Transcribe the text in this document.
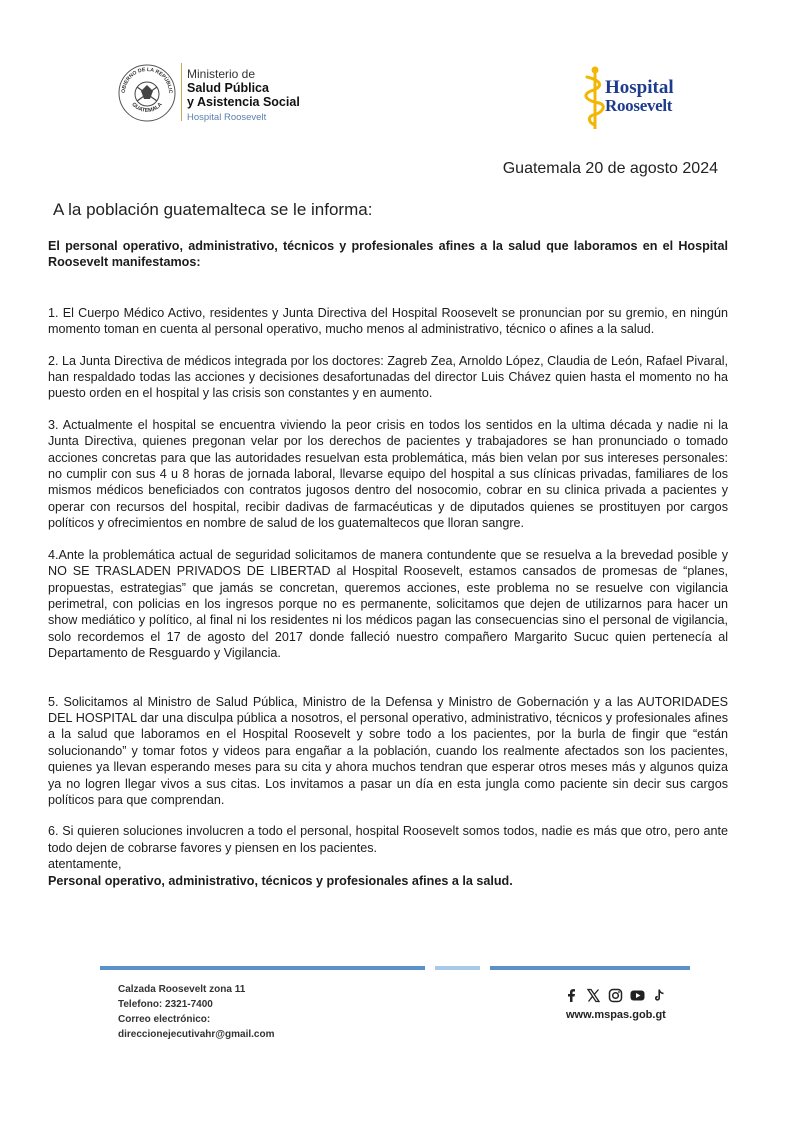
OBIERNO DE LA REPÚBLIC
GUATEMALA
Ministerio de
Salud Pública
y Asistencia Social
Hospital Roosevelt
Hospital
Roosevelt
Guatemala 20 de agosto 2024
A la población guatemalteca se le informa:

El personal operativo, administrativo, técnicos y profesionales afines a la salud que laboramos en el Hospital Roosevelt manifestamos:

1. El Cuerpo Médico Activo, residentes y Junta Directiva del Hospital Roosevelt se pronuncian por su gremio, en ningún momento toman en cuenta al personal operativo, mucho menos al administrativo, técnico o afines a la salud.

2. La Junta Directiva de médicos integrada por los doctores: Zagreb Zea, Arnoldo López, Claudia de León, Rafael Pivaral, han respaldado todas las acciones y decisiones desafortunadas del director Luis Chávez quien hasta el momento no ha puesto orden en el hospital y las crisis son constantes y en aumento.

3. Actualmente el hospital se encuentra viviendo la peor crisis en todos los sentidos en la ultima década y nadie ni la Junta Directiva, quienes pregonan velar por los derechos de pacientes y trabajadores se han pronunciado o tomado acciones concretas para que las autoridades resuelvan esta problemática, más bien velan por sus intereses personales: no cumplir con sus 4 u 8 horas de jornada laboral, llevarse equipo del hospital a sus clínicas privadas, familiares de los mismos médicos beneficiados con contratos jugosos dentro del nosocomio, cobrar en su clinica privada a pacientes y operar con recursos del hospital, recibir dadivas de farmacéuticas y de diputados quienes se prostituyen por cargos políticos y ofrecimientos en nombre de salud de los guatemaltecos que lloran sangre.

4.Ante la problemática actual de seguridad solicitamos de manera contundente que se resuelva a la brevedad posible y NO SE TRASLADEN PRIVADOS DE LIBERTAD al Hospital Roosevelt, estamos cansados de promesas de “planes, propuestas, estrategias” que jamás se concretan, queremos acciones, este problema no se resuelve con vigilancia perimetral, con policias en los ingresos porque no es permanente, solicitamos que dejen de utilizarnos para hacer un show mediático y político, al final ni los residentes ni los médicos pagan las consecuencias sino el personal de vigilancia, solo recordemos el 17 de agosto del 2017 donde falleció nuestro compañero Margarito Sucuc quien pertenecía al Departamento de Resguardo y Vigilancia.

5. Solicitamos al Ministro de Salud Pública, Ministro de la Defensa y Ministro de Gobernación y a las AUTORIDADES DEL HOSPITAL dar una disculpa pública a nosotros, el personal operativo, administrativo, técnicos y profesionales afines a la salud que laboramos en el Hospital Roosevelt y sobre todo a los pacientes, por la burla de fingir que “están solucionando” y tomar fotos y videos para engañar a la población, cuando los realmente afectados son los pacientes, quienes ya llevan esperando meses para su cita y ahora muchos tendran que esperar otros meses más y algunos quiza ya no logren llegar vivos a sus citas. Los invitamos a pasar un día en esta jungla como paciente sin decir sus cargos políticos para que comprendan.

6. Si quieren soluciones involucren a todo el personal, hospital Roosevelt somos todos, nadie es más que otro, pero ante todo dejen de cobrarse favores y piensen en los pacientes.

atentamente,

Personal operativo, administrativo, técnicos y profesionales afines a la salud.

Calzada Roosevelt zona 11
Telefono: 2321-7400
Correo electrónico:
direccionejecutivahr@gmail.com
www.mspas.gob.gt
